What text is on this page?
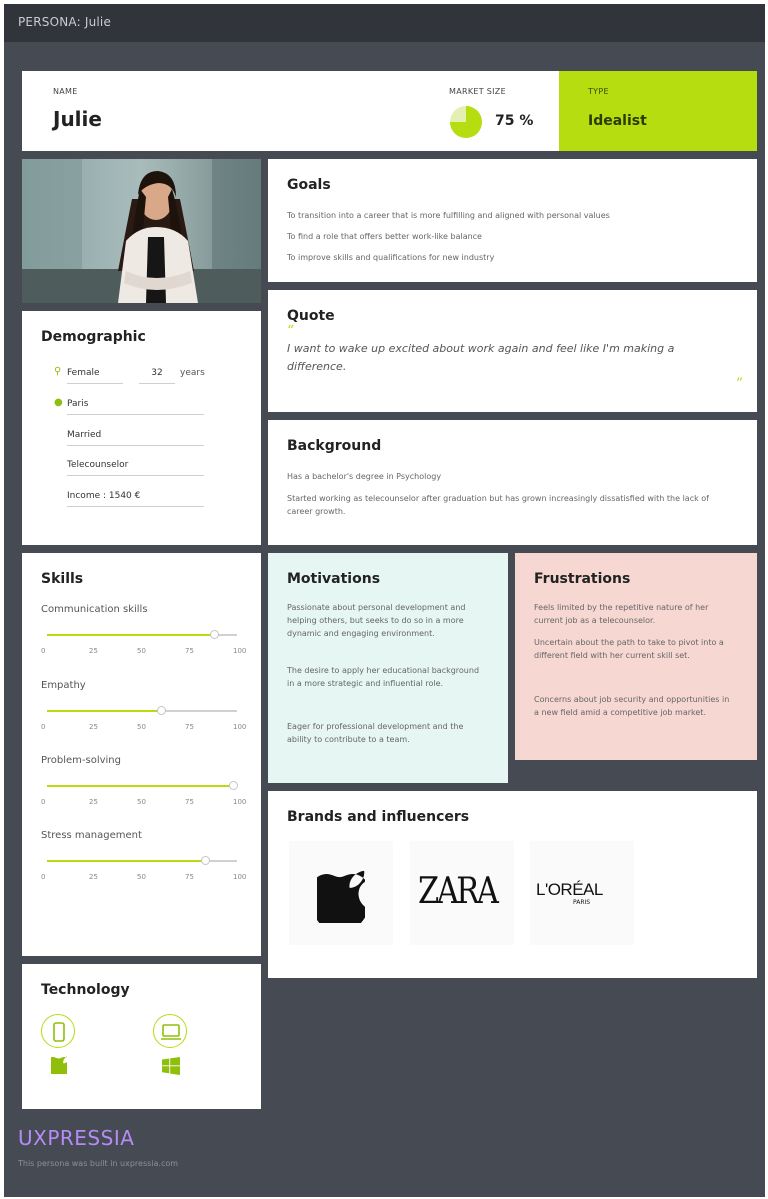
PERSONA: Julie
NAME
Julie
MARKET SIZE
75 %
TYPE
Idealist
Goals
To transition into a career that is more fulfilling and aligned with personal values
To find a role that offers better work-like balance
To improve skills and qualifications for new industry
Quote
“
I want to wake up excited about work again and feel like I'm making a difference.
”
Background
Has a bachelor's degree in Psychology
Started working as telecounselor after graduation but has grown increasingly dissatisfied with the lack of career growth.
Demographic
⚲ Female	32	years
● Paris
Married
Telecounselor
Income : 1540 €
Skills
Communication skills
0	25	50	75	100
Empathy
0	25	50	75	100
Problem-solving
0	25	50	75	100
Stress management
0	25	50	75	100
Technology
Motivations
Passionate about personal development and helping others, but seeks to do so in a more dynamic and engaging environment.
The desire to apply her educational background in a more strategic and influential role.
Eager for professional development and the ability to contribute to a team.
Frustrations
Feels limited by the repetitive nature of her current job as a telecounselor.
Uncertain about the path to take to pivot into a different field with her current skill set.
Concerns about job security and opportunities in a new field amid a competitive job market.
Brands and influencers
ZARA L'ORÉAL
PARIS
UXPRESSIA
This persona was built in uxpressia.com
